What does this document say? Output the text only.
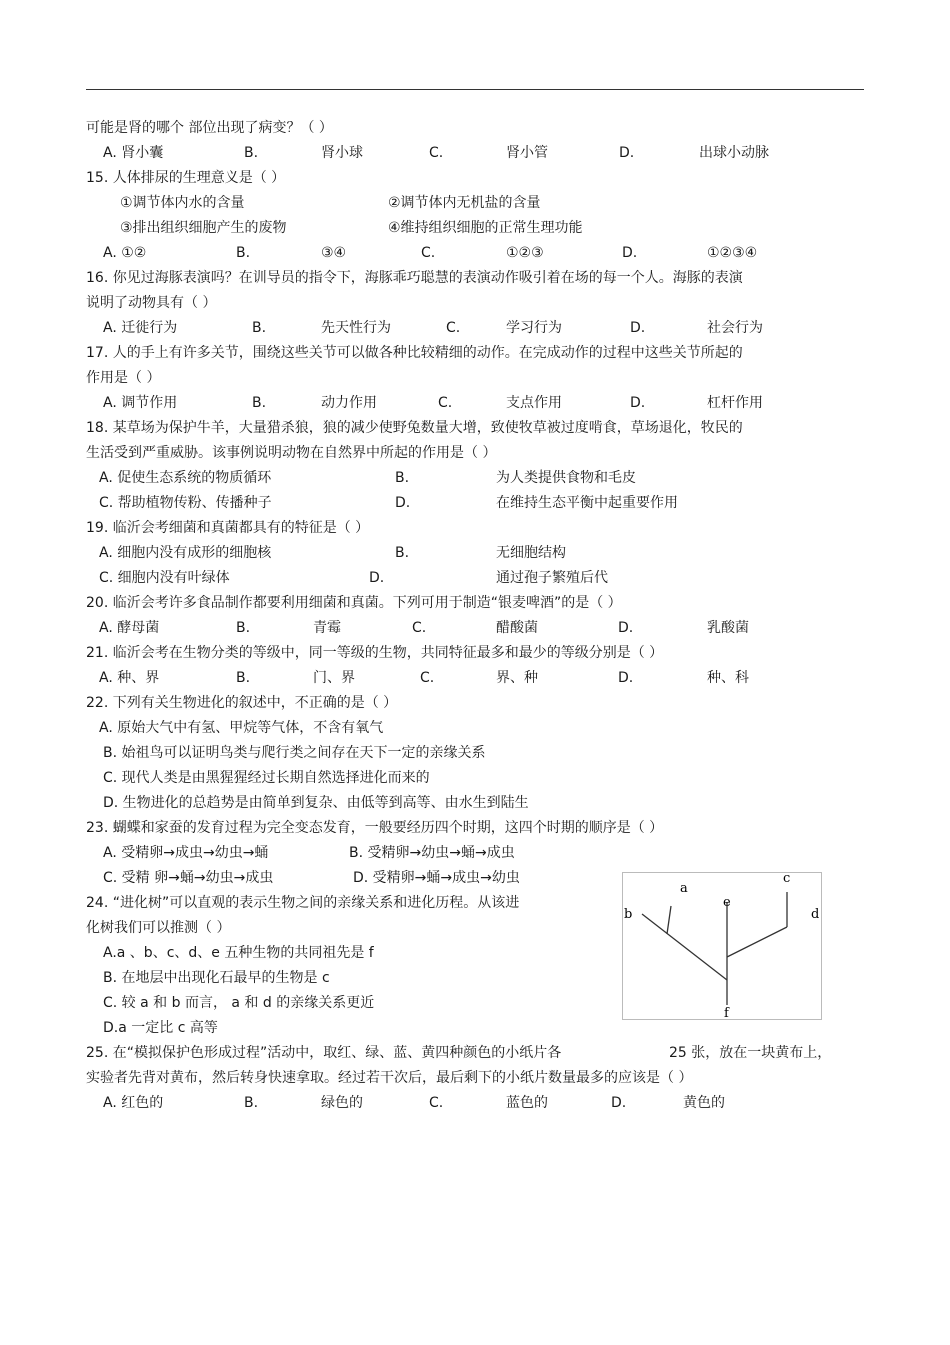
可能是肾的哪个 部位出现了病变？（ ）
A. 肾小囊	B.	肾小球	C.	肾小管	D.	出球小动脉
15. 人体排尿的生理意义是（ ）
①调节体内水的含量	②调节体内无机盐的含量
③排出组织细胞产生的废物	④维持组织细胞的正常生理功能
A. ①②	B.	③④	C.	①②③	D.	①②③④
16. 你见过海豚表演吗？在训导员的指令下，海豚乖巧聪慧的表演动作吸引着在场的每一个人。海豚的表演
说明了动物具有（ ）
A. 迁徙行为	B.	先天性行为	C.	学习行为	D.	社会行为
17. 人的手上有许多关节，围绕这些关节可以做各种比较精细的动作。在完成动作的过程中这些关节所起的
作用是（ ）
A. 调节作用	B.	动力作用	C.	支点作用	D.	杠杆作用
18. 某草场为保护牛羊，大量猎杀狼，狼的减少使野兔数量大增，致使牧草被过度啃食，草场退化，牧民的
生活受到严重威胁。该事例说明动物在自然界中所起的作用是（ ）
A. 促使生态系统的物质循环	B.	为人类提供食物和毛皮
C. 帮助植物传粉、传播种子	D.	在维持生态平衡中起重要作用
19. 临沂会考细菌和真菌都具有的特征是（ ）
A. 细胞内没有成形的细胞核	B.	无细胞结构
C. 细胞内没有叶绿体	D.	通过孢子繁殖后代
20. 临沂会考许多食品制作都要利用细菌和真菌。下列可用于制造“银麦啤酒”的是（ ）
A. 酵母菌	B.	青霉	C.	醋酸菌	D.	乳酸菌
21. 临沂会考在生物分类的等级中，同一等级的生物，共同特征最多和最少的等级分别是（ ）
A. 种、界	B.	门、界	C.	界、种	D.	种、科
22. 下列有关生物进化的叙述中，不正确的是（ ）
A. 原始大气中有氢、甲烷等气体，不含有氧气
B. 始祖鸟可以证明鸟类与爬行类之间存在天下一定的亲缘关系
C. 现代人类是由黑猩猩经过长期自然选择进化而来的
D. 生物进化的总趋势是由简单到复杂、由低等到高等、由水生到陆生
23. 蝴蝶和家蚕的发育过程为完全变态发育，一般要经历四个时期，这四个时期的顺序是（ ）
A. 受精卵→成虫→幼虫→蛹	B. 受精卵→幼虫→蛹→成虫
C. 受精 卵→蛹→幼虫→成虫	D. 受精卵→蛹→成虫→幼虫
24. “进化树”可以直观的表示生物之间的亲缘关系和进化历程。从该进
化树我们可以推测（ ）
A.a 、b、c、d、e 五种生物的共同祖先是 f
B. 在地层中出现化石最早的生物是 c
C. 较 a 和 b 而言， a 和 d 的亲缘关系更近
D.a 一定比 c 高等
a
b
c
d
e
f
25. 在“模拟保护色形成过程”活动中，取红、绿、蓝、黄四种颜色的小纸片各	25 张，放在一块黄布上，
实验者先背对黄布，然后转身快速拿取。经过若干次后，最后剩下的小纸片数量最多的应该是（ ）
A. 红色的	B.	绿色的	C.	蓝色的	D.	黄色的
